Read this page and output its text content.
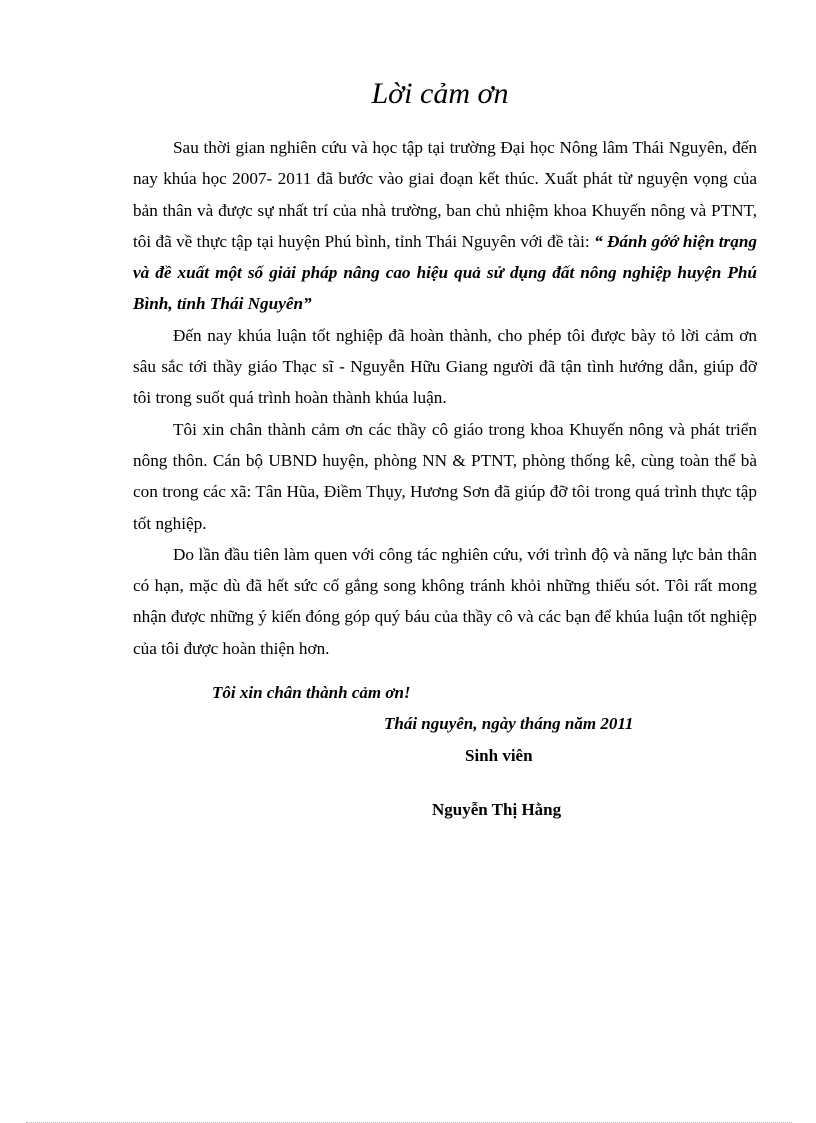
Lời cảm ơn

Sau thời gian nghiên cứu và học tập tại trường Đại học Nông lâm Thái Nguyên, đến nay khúa học 2007- 2011 đã bước vào giai đoạn kết thúc. Xuất phát từ nguyện vọng của bản thân và được sự nhất trí của nhà trường, ban chủ nhiệm khoa Khuyến nông và PTNT, tôi đã về thực tập tại huyện Phú bình, tỉnh Thái Nguyên với đề tài: “ Đánh gớớ hiện trạng và đề xuất một số giải pháp nâng cao hiệu quả sử dụng đất nông nghiệp huyện Phú Bình, tỉnh Thái Nguyên”

Đến nay khúa luận tốt nghiệp đã hoàn thành, cho phép tôi được bày tỏ lời cảm ơn sâu sắc tới thầy giáo Thạc sĩ - Nguyễn Hữu Giang người đã tận tình hướng dẫn, giúp đỡ tôi trong suốt quá trình hoàn thành khúa luận.

Tôi xin chân thành cảm ơn các thầy cô giáo trong khoa Khuyến nông và phát triển nông thôn. Cán bộ UBND huyện, phòng NN & PTNT, phòng thống kê, cùng toàn thể bà con trong các xã: Tân Hũa, Điềm Thụy, Hương Sơn đã giúp đỡ tôi trong quá trình thực tập tốt nghiệp.

Do lần đầu tiên làm quen với công tác nghiên cứu, với trình độ và năng lực bản thân có hạn, mặc dù đã hết sức cố gắng song không tránh khỏi những thiếu sót. Tôi rất mong nhận được những ý kiến đóng góp quý báu của thầy cô và các bạn để khúa luận tốt nghiệp của tôi được hoàn thiện hơn.

Tôi xin chân thành cảm ơn!

Thái nguyên, ngày tháng năm 2011

Sinh viên

Nguyễn Thị Hằng
